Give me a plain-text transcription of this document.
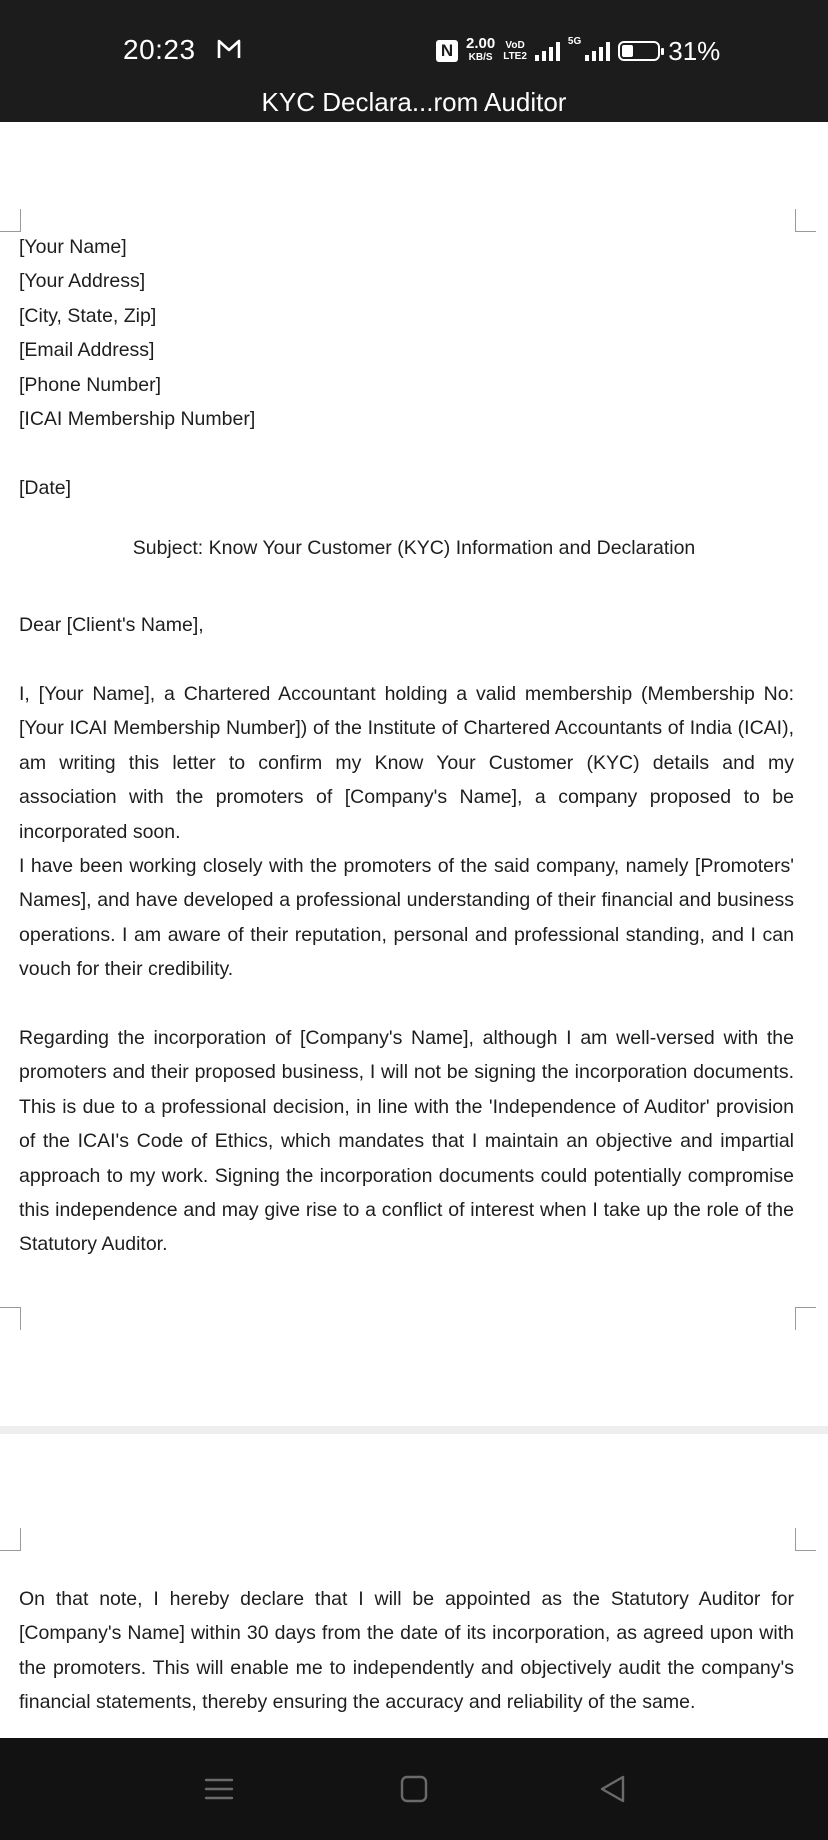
20:23	N 2.00
KB/S
VoD
LTE2
5G	31%
KYC Declara...rom Auditor
[Your Name]
[Your Address]
[City, State, Zip]
[Email Address]
[Phone Number]
[ICAI Membership Number]
[Date]
Subject: Know Your Customer (KYC) Information and Declaration
Dear [Client's Name],

I, [Your Name], a Chartered Accountant holding a valid membership (Membership No: [Your ICAI Membership Number]) of the Institute of Chartered Accountants of India (ICAI), am writing this letter to confirm my Know Your Customer (KYC) details and my association with the promoters of [Company's Name], a company proposed to be incorporated soon.

I have been working closely with the promoters of the said company, namely [Promoters' Names], and have developed a professional understanding of their financial and business operations. I am aware of their reputation, personal and professional standing, and I can vouch for their credibility.

Regarding the incorporation of [Company's Name], although I am well-versed with the promoters and their proposed business, I will not be signing the incorporation documents. This is due to a professional decision, in line with the 'Independence of Auditor' provision of the ICAI's Code of Ethics, which mandates that I maintain an objective and impartial approach to my work. Signing the incorporation documents could potentially compromise this independence and may give rise to a conflict of interest when I take up the role of the Statutory Auditor.

On that note, I hereby declare that I will be appointed as the Statutory Auditor for [Company's Name] within 30 days from the date of its incorporation, as agreed upon with the promoters. This will enable me to independently and objectively audit the company's financial statements, thereby ensuring the accuracy and reliability of the same.
